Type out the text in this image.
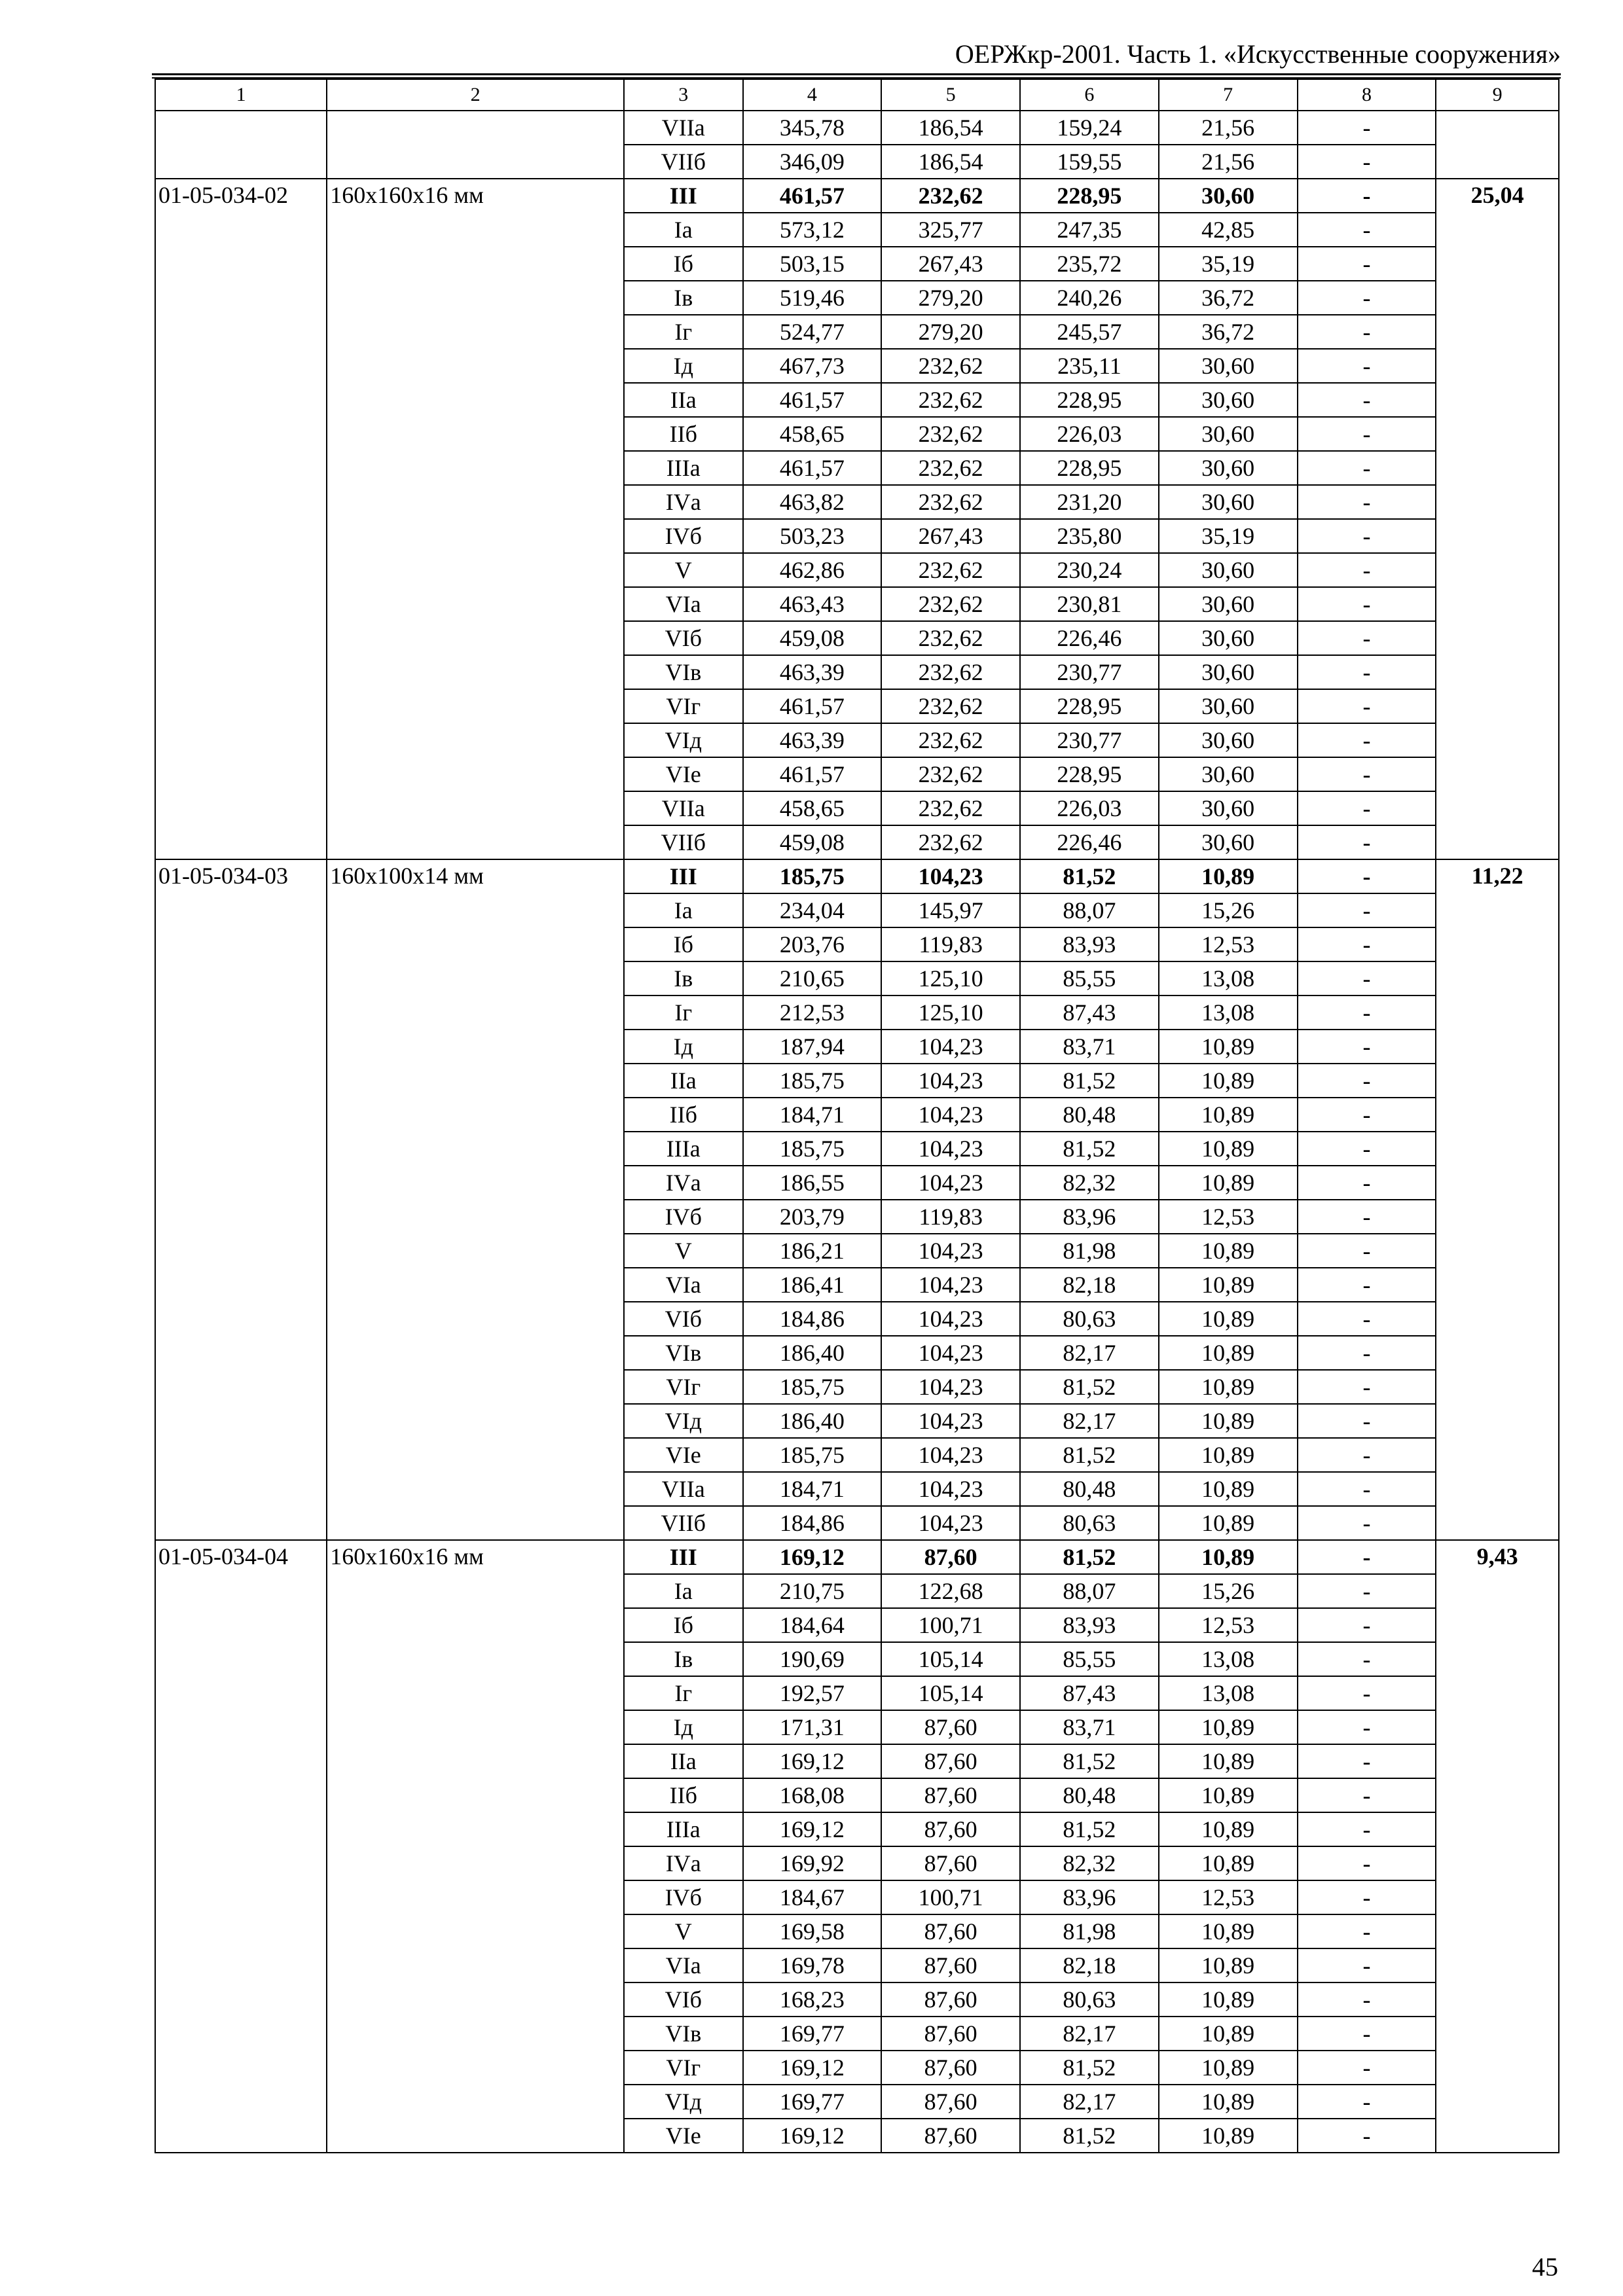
ОЕРЖкр-2001. Часть 1. «Искусственные сооружения»
1	2	3	4	5	6	7	8	9
		VIIа	345,78	186,54	159,24	21,56	-	
		VIIб	346,09	186,54	159,55	21,56	-	
01-05-034-02	160х160х16 мм	III	461,57	232,62	228,95	30,60	-	25,04
		Iа	573,12	325,77	247,35	42,85	-	
		Iб	503,15	267,43	235,72	35,19	-	
		Iв	519,46	279,20	240,26	36,72	-	
		Iг	524,77	279,20	245,57	36,72	-	
		Iд	467,73	232,62	235,11	30,60	-	
		IIа	461,57	232,62	228,95	30,60	-	
		IIб	458,65	232,62	226,03	30,60	-	
		IIIа	461,57	232,62	228,95	30,60	-	
		IVа	463,82	232,62	231,20	30,60	-	
		IVб	503,23	267,43	235,80	35,19	-	
		V	462,86	232,62	230,24	30,60	-	
		VIа	463,43	232,62	230,81	30,60	-	
		VIб	459,08	232,62	226,46	30,60	-	
		VIв	463,39	232,62	230,77	30,60	-	
		VIг	461,57	232,62	228,95	30,60	-	
		VIд	463,39	232,62	230,77	30,60	-	
		VIе	461,57	232,62	228,95	30,60	-	
		VIIа	458,65	232,62	226,03	30,60	-	
		VIIб	459,08	232,62	226,46	30,60	-	
01-05-034-03	160х100х14 мм	III	185,75	104,23	81,52	10,89	-	11,22
		Iа	234,04	145,97	88,07	15,26	-	
		Iб	203,76	119,83	83,93	12,53	-	
		Iв	210,65	125,10	85,55	13,08	-	
		Iг	212,53	125,10	87,43	13,08	-	
		Iд	187,94	104,23	83,71	10,89	-	
		IIа	185,75	104,23	81,52	10,89	-	
		IIб	184,71	104,23	80,48	10,89	-	
		IIIа	185,75	104,23	81,52	10,89	-	
		IVа	186,55	104,23	82,32	10,89	-	
		IVб	203,79	119,83	83,96	12,53	-	
		V	186,21	104,23	81,98	10,89	-	
		VIа	186,41	104,23	82,18	10,89	-	
		VIб	184,86	104,23	80,63	10,89	-	
		VIв	186,40	104,23	82,17	10,89	-	
		VIг	185,75	104,23	81,52	10,89	-	
		VIд	186,40	104,23	82,17	10,89	-	
		VIе	185,75	104,23	81,52	10,89	-	
		VIIа	184,71	104,23	80,48	10,89	-	
		VIIб	184,86	104,23	80,63	10,89	-	
01-05-034-04	160х160х16 мм	III	169,12	87,60	81,52	10,89	-	9,43
		Iа	210,75	122,68	88,07	15,26	-	
		Iб	184,64	100,71	83,93	12,53	-	
		Iв	190,69	105,14	85,55	13,08	-	
		Iг	192,57	105,14	87,43	13,08	-	
		Iд	171,31	87,60	83,71	10,89	-	
		IIа	169,12	87,60	81,52	10,89	-	
		IIб	168,08	87,60	80,48	10,89	-	
		IIIа	169,12	87,60	81,52	10,89	-	
		IVа	169,92	87,60	82,32	10,89	-	
		IVб	184,67	100,71	83,96	12,53	-	
		V	169,58	87,60	81,98	10,89	-	
		VIа	169,78	87,60	82,18	10,89	-	
		VIб	168,23	87,60	80,63	10,89	-	
		VIв	169,77	87,60	82,17	10,89	-	
		VIг	169,12	87,60	81,52	10,89	-	
		VIд	169,77	87,60	82,17	10,89	-	
		VIе	169,12	87,60	81,52	10,89	-	
45
